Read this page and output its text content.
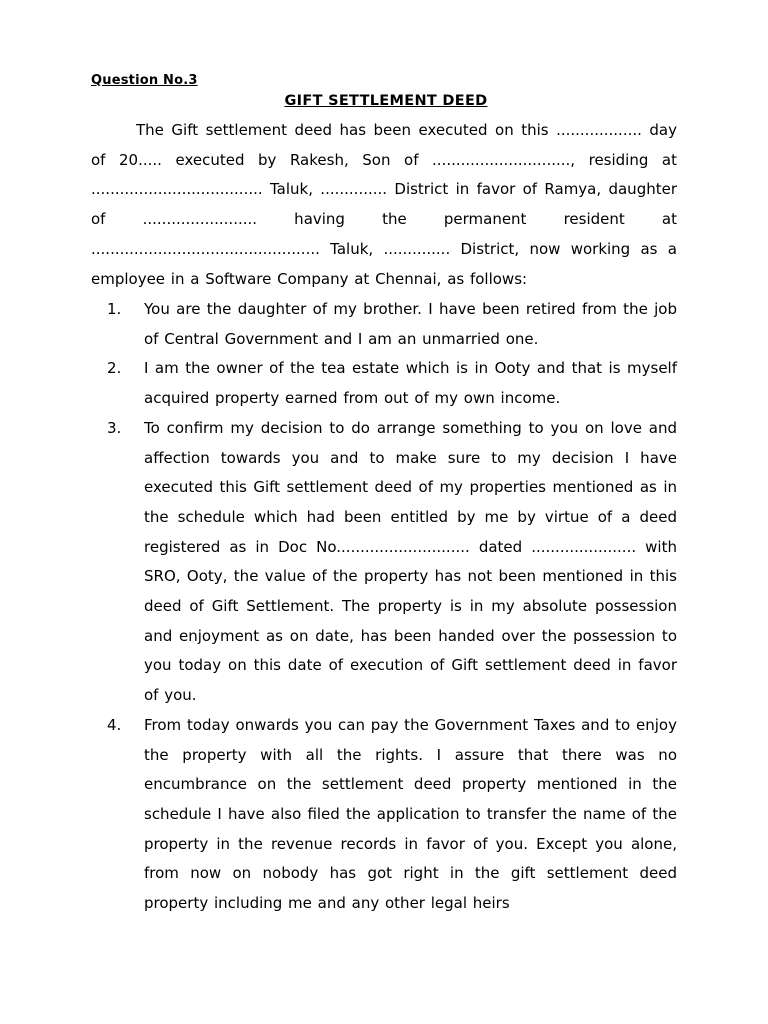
Question No.3
GIFT SETTLEMENT DEED

The Gift settlement deed has been executed on this .................. day of 20..... executed by Rakesh, Son of ............................., residing at .................................... Taluk, .............. District in favor of Ramya, daughter of ........................ having the permanent resident at ................................................ Taluk, .............. District, now working as a employee in a Software Company at Chennai, as follows:

1. You are the daughter of my brother. I have been retired from the job of Central Government and I am an unmarried one.
2. I am the owner of the tea estate which is in Ooty and that is myself acquired property earned from out of my own income.
3. To confirm my decision to do arrange something to you on love and affection towards you and to make sure to my decision I have executed this Gift settlement deed of my properties mentioned as in the schedule which had been entitled by me by virtue of a deed registered as in Doc No............................ dated ...................... with SRO, Ooty, the value of the property has not been mentioned in this deed of Gift Settlement. The property is in my absolute possession and enjoyment as on date, has been handed over the possession to you today on this date of execution of Gift settlement deed in favor of you.
4. From today onwards you can pay the Government Taxes and to enjoy the property with all the rights. I assure that there was no encumbrance on the settlement deed property mentioned in the schedule I have also filed the application to transfer the name of the property in the revenue records in favor of you. Except you alone, from now on nobody has got right in the gift settlement deed property including me and any other legal heirs
